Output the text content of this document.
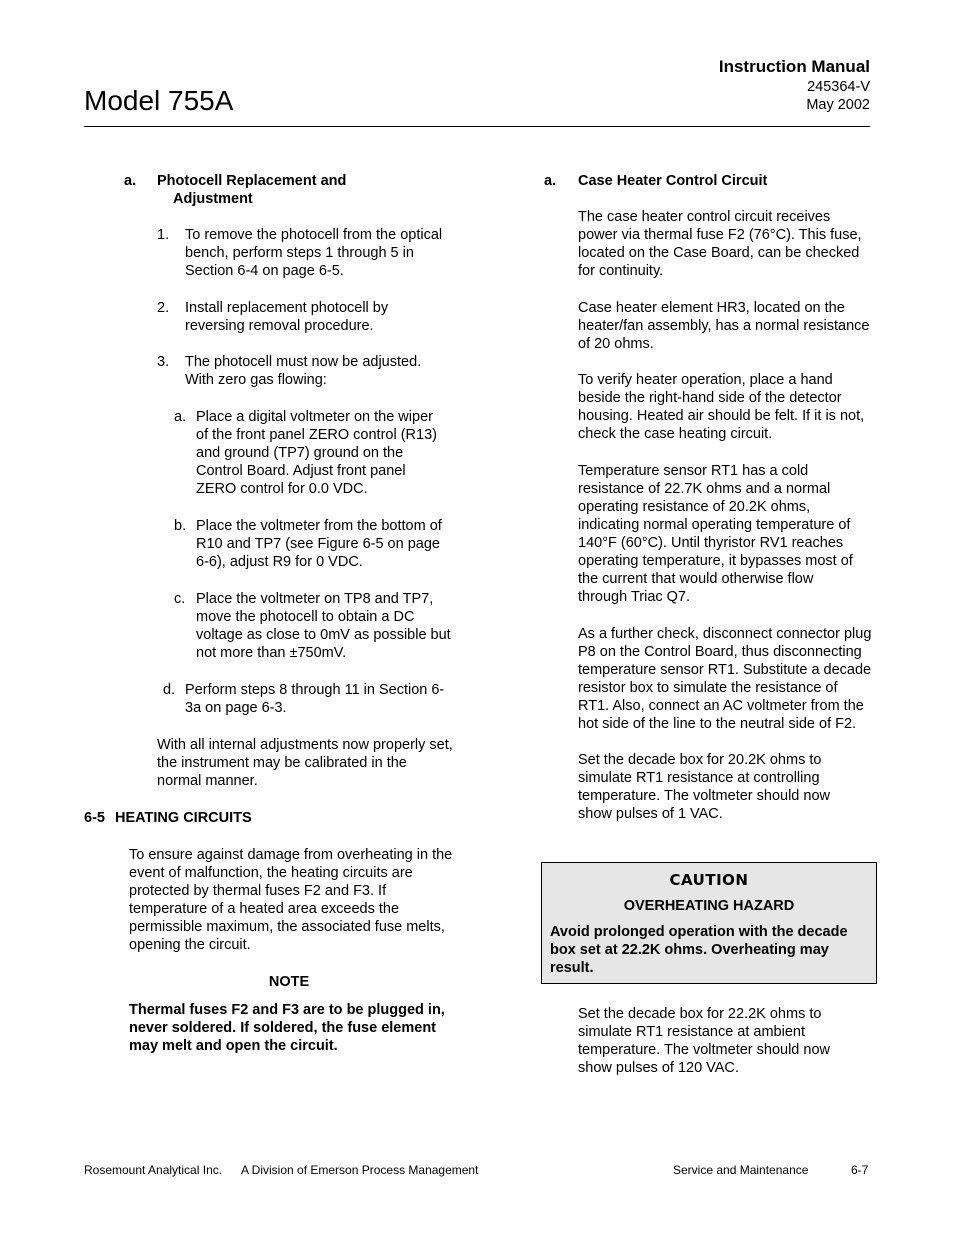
Model 755A
Instruction Manual
245364-V
May 2002
a. Photocell Replacement and
Adjustment
1. To remove the photocell from the optical bench, perform steps 1 through 5 in Section 6-4 on page 6-5.

2. Install replacement photocell by reversing removal procedure.

3. The photocell must now be adjusted. With zero gas flowing:

a. Place a digital voltmeter on the wiper of the front panel ZERO control (R13) and ground (TP7) ground on the Control Board. Adjust front panel ZERO control for 0.0 VDC.

b. Place the voltmeter from the bottom of R10 and TP7 (see Figure 6-5 on page 6-6), adjust R9 for 0 VDC.

c. Place the voltmeter on TP8 and TP7, move the photocell to obtain a DC voltage as close to 0mV as possible but not more than ±750mV.

d. Perform steps 8 through 11 in Section 6-3a on page 6-3.

With all internal adjustments now properly set, the instrument may be calibrated in the normal manner.

6-5 HEATING CIRCUITS

To ensure against damage from overheating in the event of malfunction, the heating circuits are protected by thermal fuses F2 and F3. If temperature of a heated area exceeds the permissible maximum, the associated fuse melts, opening the circuit.

NOTE

Thermal fuses F2 and F3 are to be plugged in, never soldered. If soldered, the fuse element may melt and open the circuit.

a. Case Heater Control Circuit

The case heater control circuit receives power via thermal fuse F2 (76°C). This fuse, located on the Case Board, can be checked for continuity.

Case heater element HR3, located on the heater/fan assembly, has a normal resistance of 20 ohms.

To verify heater operation, place a hand beside the right-hand side of the detector housing. Heated air should be felt. If it is not, check the case heating circuit.

Temperature sensor RT1 has a cold resistance of 22.7K ohms and a normal operating resistance of 20.2K ohms, indicating normal operating temperature of 140°F (60°C). Until thyristor RV1 reaches operating temperature, it bypasses most of the current that would otherwise flow through Triac Q7.

As a further check, disconnect connector plug P8 on the Control Board, thus disconnecting temperature sensor RT1. Substitute a decade resistor box to simulate the resistance of RT1. Also, connect an AC voltmeter from the hot side of the line to the neutral side of F2.

Set the decade box for 20.2K ohms to simulate RT1 resistance at controlling temperature. The voltmeter should now show pulses of 1 VAC.

CAUTION
OVERHEATING HAZARD
Avoid prolonged operation with the decade box set at 22.2K ohms. Overheating may result.

Set the decade box for 22.2K ohms to simulate RT1 resistance at ambient temperature. The voltmeter should now show pulses of 120 VAC.

Rosemount Analytical Inc. A Division of Emerson Process Management	Service and Maintenance	6-7
